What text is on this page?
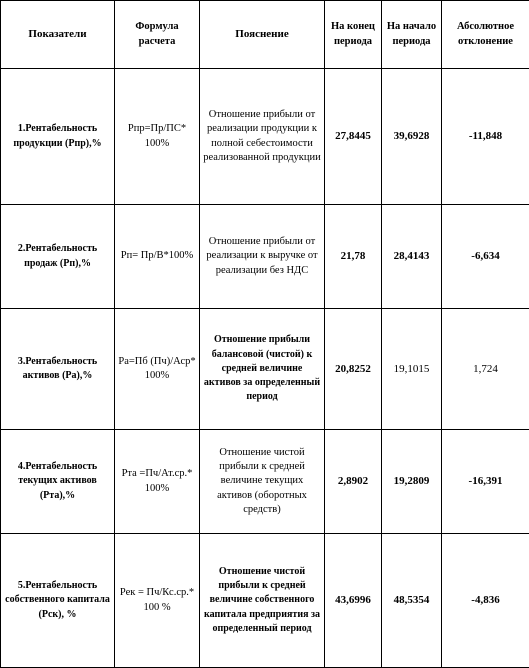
Показатели	Формула расчета	Пояснение	На конец периода	На начало периода	Абсолютное отклонение
1.Рентабельность продукции (Рпр),%	Рпр=Пр/ПС* 100%	Отношение прибыли от реализации продукции к полной себестоимости реализованной продукции	27,8445	39,6928	-11,848
2.Рентабельность продаж (Рп),%	Рп= Пр/В*100%	Отношение прибыли от реализации к выручке от реализации без НДС	21,78	28,4143	-6,634
3.Рентабельность активов (Ра),%	Ра=Пб (Пч)/Аср* 100%	Отношение прибыли балансовой (чистой) к средней величине активов за определенный период	20,8252	19,1015	1,724
4.Рентабельность текущих активов (Рта),%	Рта =Пч/Ат.ср.* 100%	Отношение чистой прибыли к средней величине текущих активов (оборотных средств)	2,8902	19,2809	-16,391
5.Рентабельность собственного капитала (Рск), %	Рек = Пч/Кс.ср.* 100 %	Отношение чистой прибыли к средней величине собственного капитала предприятия за определенный период	43,6996	48,5354	-4,836
